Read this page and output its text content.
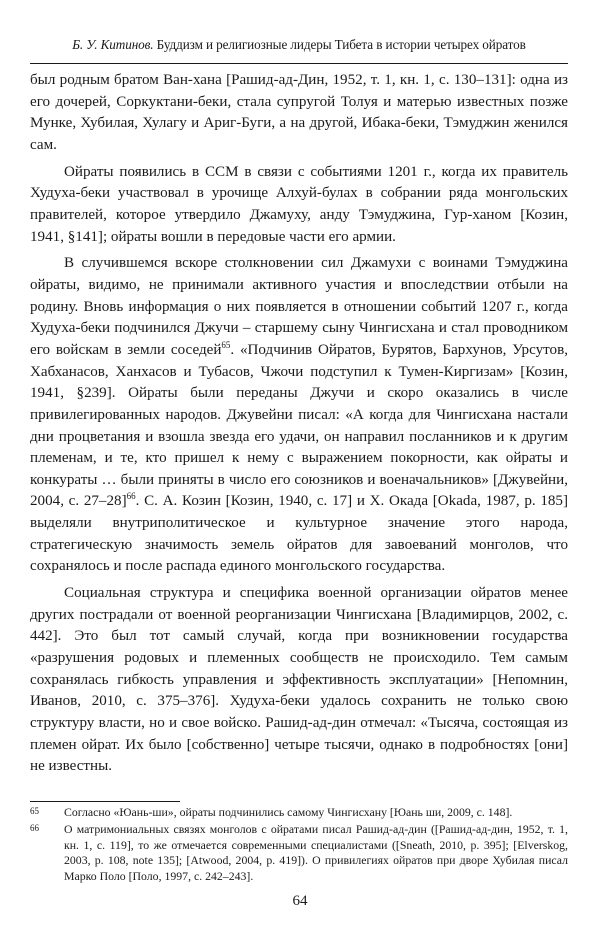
Б. У. Китинов. Буддизм и религиозные лидеры Тибета в истории четырех ойратов

был родным братом Ван-хана [Рашид-ад-Дин, 1952, т. 1, кн. 1, с. 130–131]: одна из его дочерей, Соркуктани-беки, стала супругой Толуя и матерью известных позже Мунке, Хубилая, Хулагу и Ариг-Буги, а на другой, Ибака-беки, Тэмуджин женился сам.

Ойраты появились в ССМ в связи с событиями 1201 г., когда их правитель Худуха-беки участвовал в урочище Алхуй-булах в собрании ряда монгольских правителей, которое утвердило Джамуху, анду Тэмуджина, Гур-ханом [Козин, 1941, §141]; ойраты вошли в передовые части его армии.

В случившемся вскоре столкновении сил Джамухи с воинами Тэмуджина ойраты, видимо, не принимали активного участия и впоследствии отбыли на родину. Вновь информация о них появляется в отношении событий 1207 г., когда Худуха-беки подчинился Джучи – старшему сыну Чингисхана и стал проводником его войскам в земли соседей$^{65}$. «Подчинив Ойратов, Бурятов, Бархунов, Урсутов, Хабханасов, Ханхасов и Тубасов, Чжочи подступил к Тумен-Киргизам» [Козин, 1941, §239]. Ойраты были переданы Джучи и скоро оказались в числе привилегированных народов. Джувейни писал: «А когда для Чингисхана настали дни процветания и взошла звезда его удачи, он направил посланников и к другим племенам, и те, кто пришел к нему с выражением покорности, как ойраты и конкураты … были приняты в число его союзников и военачальников» [Джувейни, 2004, с. 27–28]$^{66}$. С. А. Козин [Козин, 1940, с. 17] и Х. Окада [Okada, 1987, p. 185] выделяли внутриполитическое и культурное значение этого народа, стратегическую значимость земель ойратов для завоеваний монголов, что сохранялось и после распада единого монгольского государства.

Социальная структура и специфика военной организации ойратов менее других пострадали от военной реорганизации Чингисхана [Владимирцов, 2002, с. 442]. Это был тот самый случай, когда при возникновении государства «разрушения родовых и племенных сообществ не происходило. Тем самым сохранялась гибкость управления и эффективность эксплуатации» [Непомнин, Иванов, 2010, с. 375–376]. Худуха-беки удалось сохранить не только свою структуру власти, но и свое войско. Рашид-ад-дин отмечал: «Тысяча, состоящая из племен ойрат. Их было [собственно] четыре тысячи, однако в подробностях [они] не известны.

65 Согласно «Юань-ши», ойраты подчинились самому Чингисхану [Юань ши, 2009, с. 148].
66 О матримониальных связях монголов с ойратами писал Рашид-ад-дин ([Рашид-ад-дин, 1952, т. 1, кн. 1, с. 119], то же отмечается современными специалистами ([Sneath, 2010, p. 395]; [Elverskog, 2003, p. 108, note 135]; [Atwood, 2004, p. 419]). О привилегиях ойратов при дворе Хубилая писал Марко Поло [Поло, 1997, с. 242–243].
64
